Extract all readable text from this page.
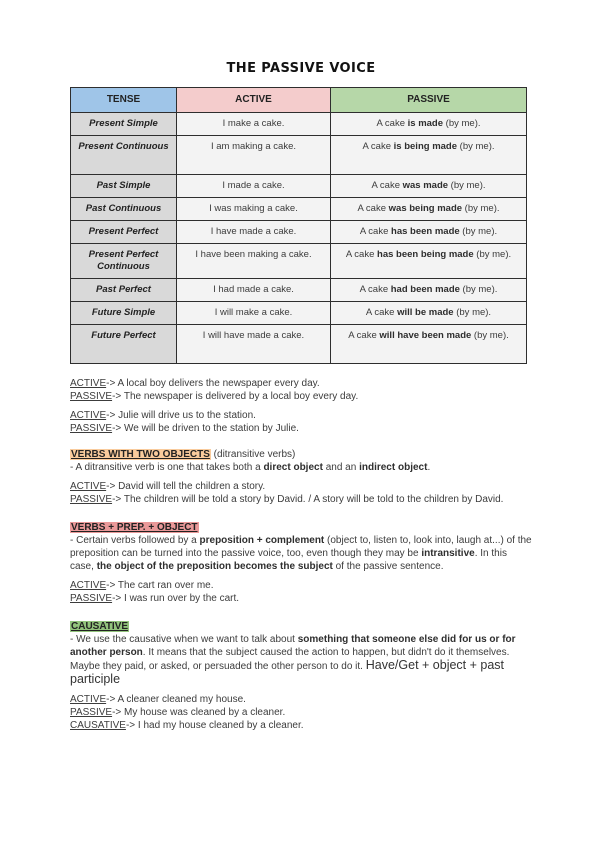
THE PASSIVE VOICE
TENSE	ACTIVE	PASSIVE
Present Simple	I make a cake.	A cake is made (by me).
Present Continuous	I am making a cake.	A cake is being made (by me).
Past Simple	I made a cake.	A cake was made (by me).
Past Continuous	I was making a cake.	A cake was being made (by me).
Present Perfect	I have made a cake.	A cake has been made (by me).
Present Perfect Continuous	I have been making a cake.	A cake has been being made (by me).
Past Perfect	I had made a cake.	A cake had been made (by me).
Future Simple	I will make a cake.	A cake will be made (by me).
Future Perfect	I will have made a cake.	A cake will have been made (by me).

ACTIVE-> A local boy delivers the newspaper every day.

PASSIVE-> The newspaper is delivered by a local boy every day.

ACTIVE-> Julie will drive us to the station.

PASSIVE-> We will be driven to the station by Julie.

VERBS WITH TWO OBJECTS (ditransitive verbs)

- A ditransitive verb is one that takes both a direct object and an indirect object.

ACTIVE-> David will tell the children a story.

PASSIVE-> The children will be told a story by David. / A story will be told to the children by David.

VERBS + PREP. + OBJECT

- Certain verbs followed by a preposition + complement (object to, listen to, look into, laugh at...) of the preposition can be turned into the passive voice, too, even though they may be intransitive. In this case, the object of the preposition becomes the subject of the passive sentence.

ACTIVE-> The cart ran over me.

PASSIVE-> I was run over by the cart.

CAUSATIVE

- We use the causative when we want to talk about something that someone else did for us or for another person. It means that the subject caused the action to happen, but didn't do it themselves. Maybe they paid, or asked, or persuaded the other person to do it. Have/Get + object + past participle

ACTIVE-> A cleaner cleaned my house.

PASSIVE-> My house was cleaned by a cleaner.

CAUSATIVE-> I had my house cleaned by a cleaner.
